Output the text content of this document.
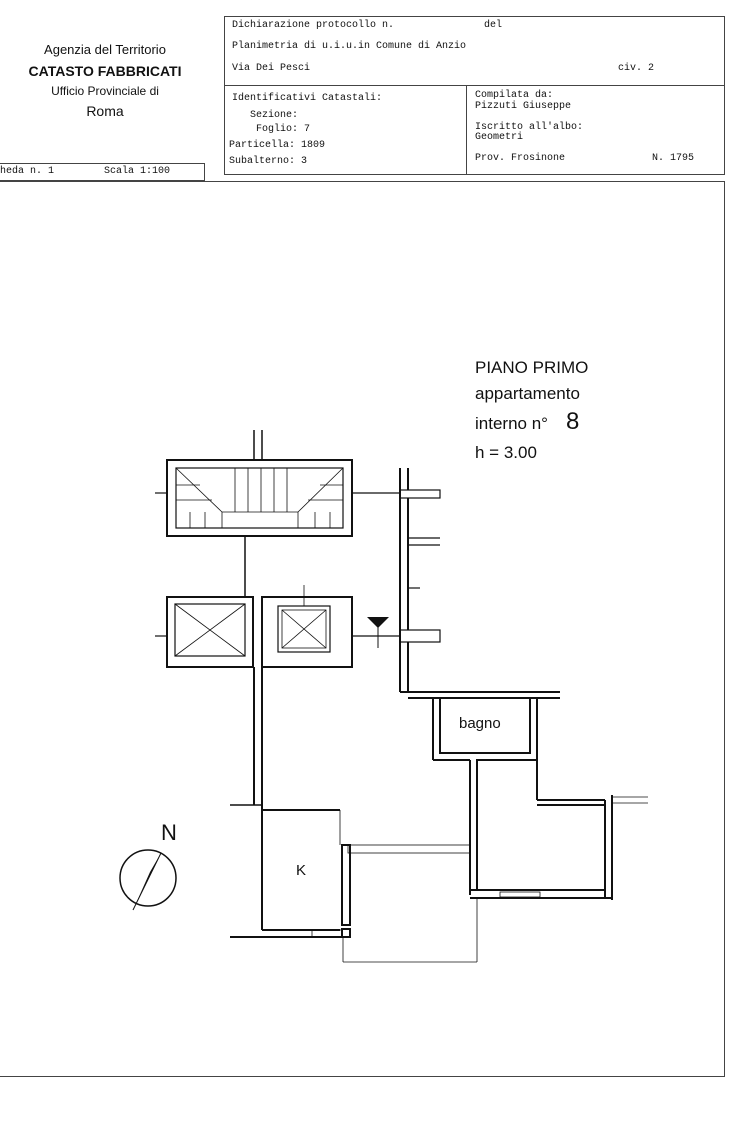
Agenzia del Territorio
CATASTO FABBRICATI
Ufficio Provinciale di
Roma
heda n. 1	Scala 1:100
Dichiarazione protocollo n.	del
Planimetria di u.i.u.in Comune di Anzio
Via Dei Pesci	civ. 2
Identificativi Catastali:
Sezione:
Foglio: 7
Particella: 1809
Subalterno: 3
Compilata da:
Pizzuti Giuseppe
Iscritto all'albo:
Geometri
Prov. Frosinone	N. 1795
PIANO PRIMO
appartamento
interno n° 8
h = 3.00
bagno
K
N
